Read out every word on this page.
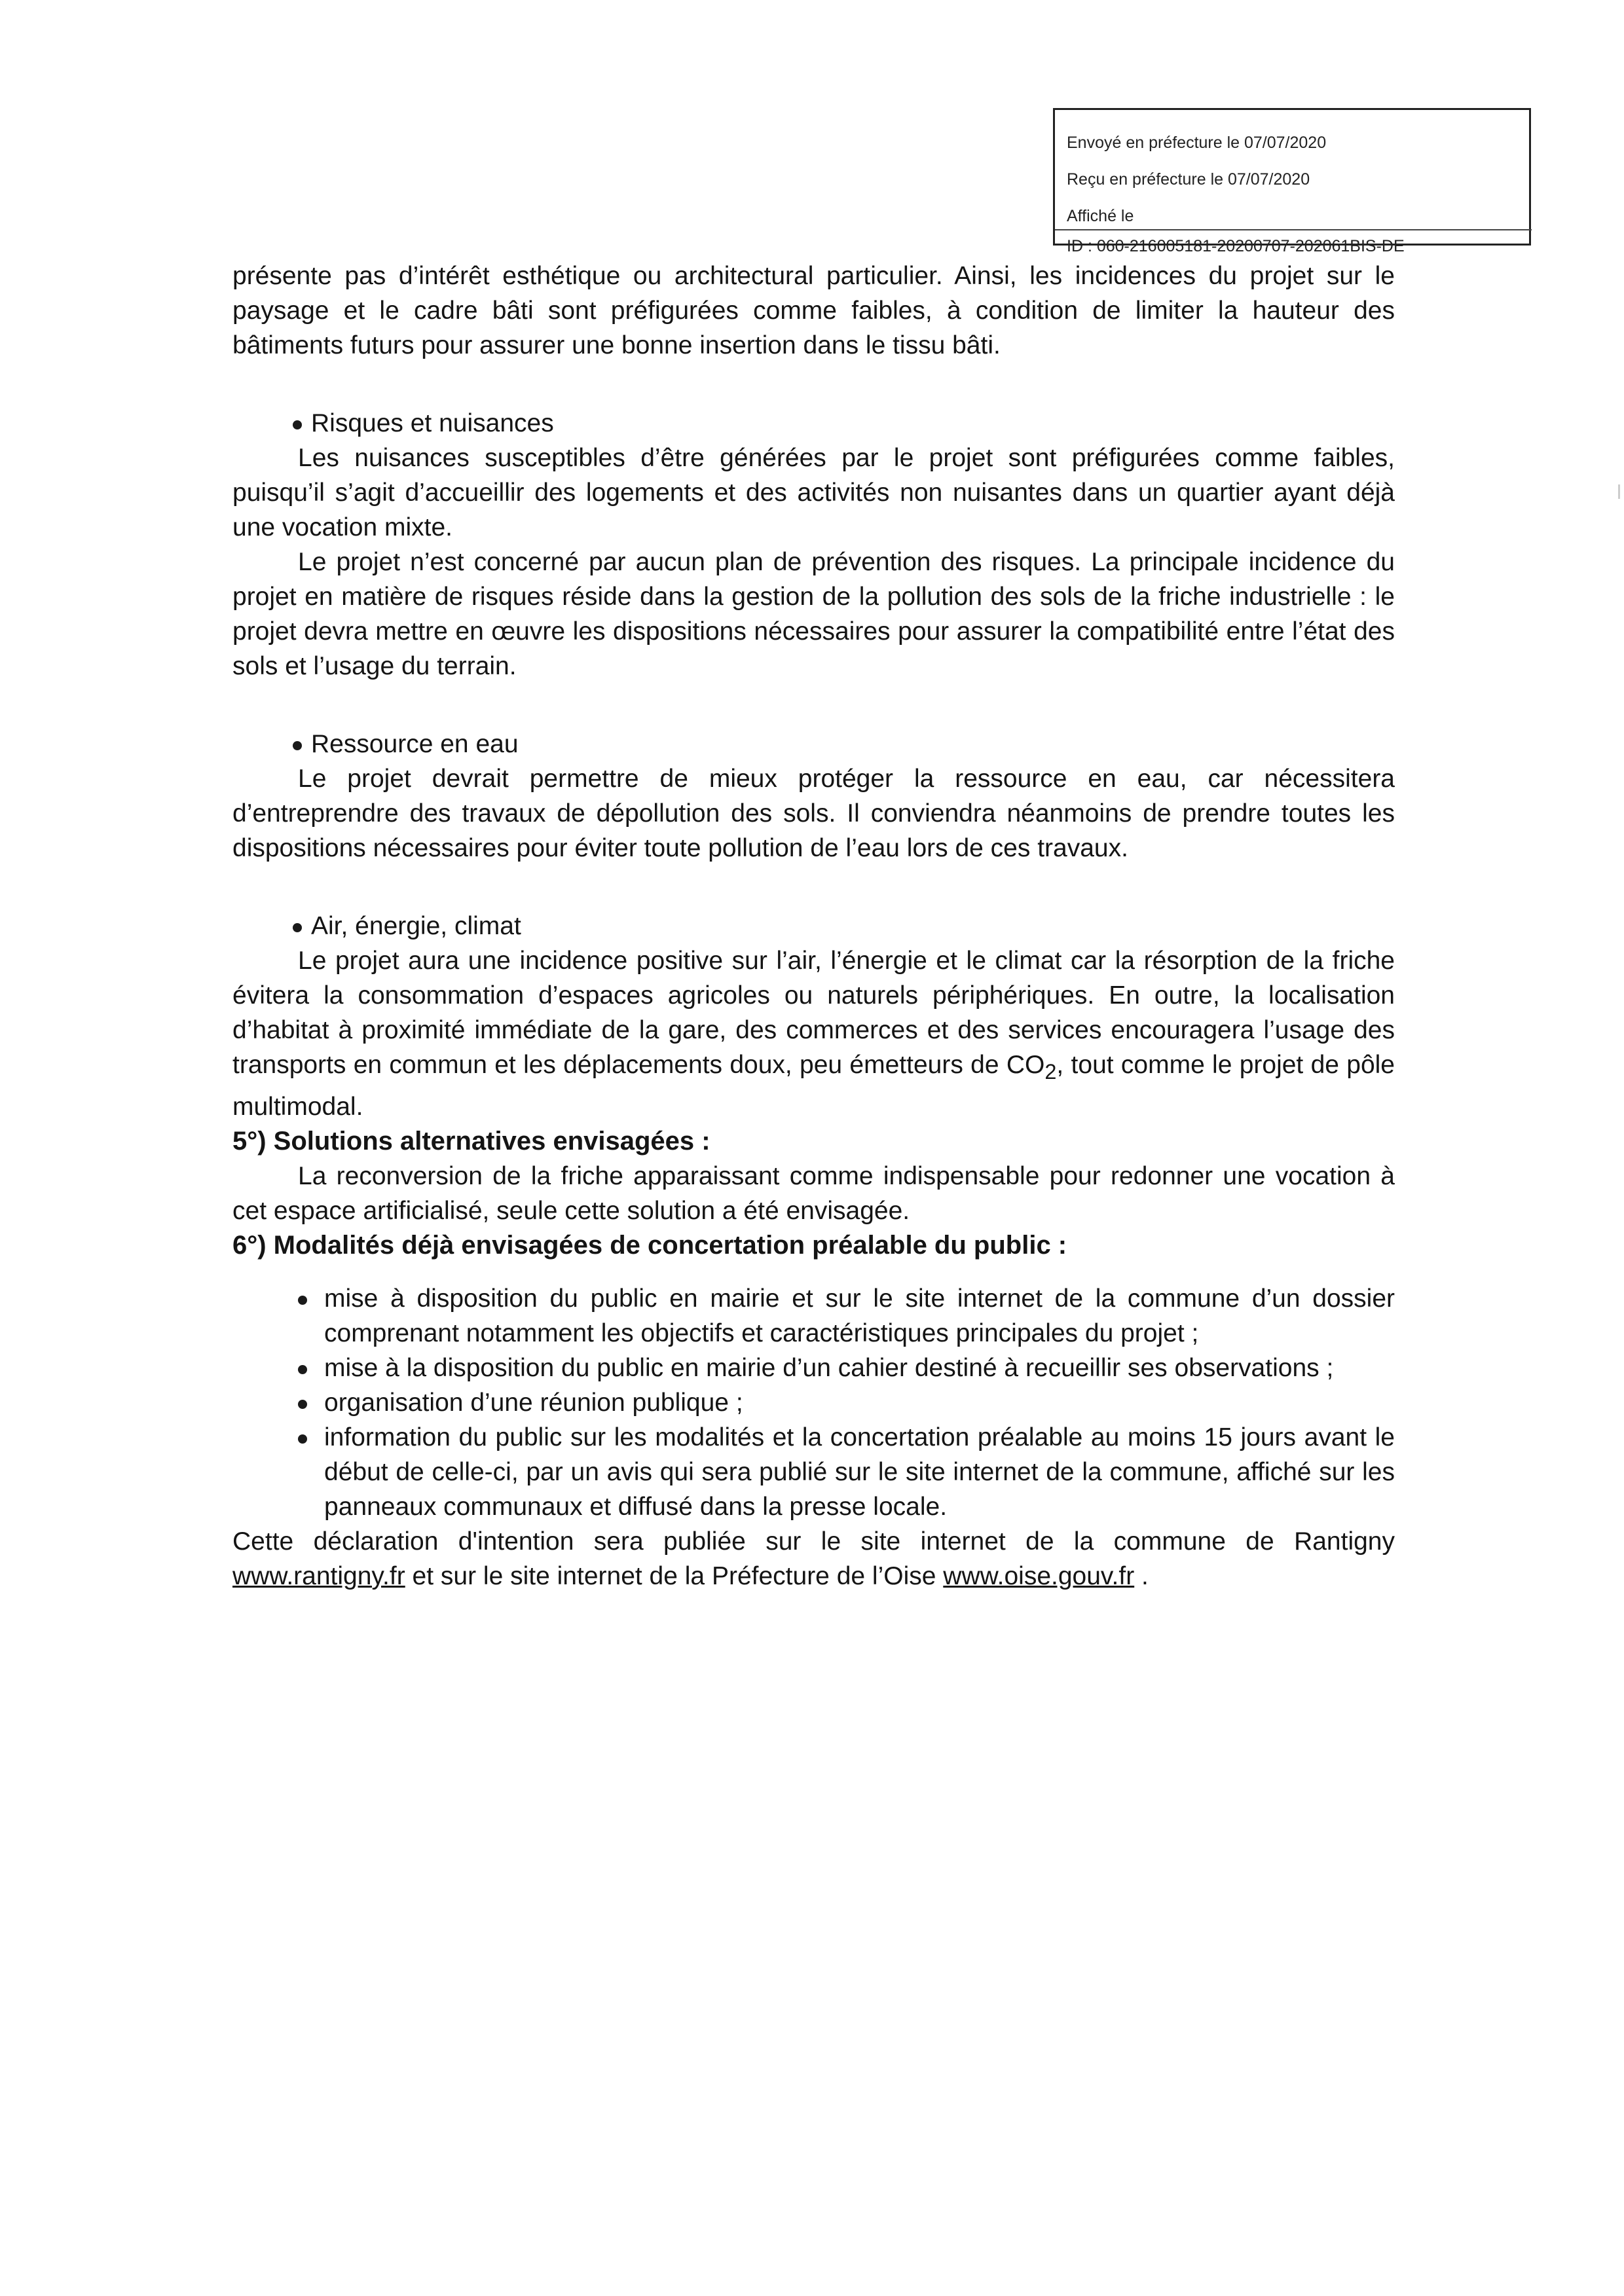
Envoyé en préfecture le 07/07/2020
Reçu en préfecture le 07/07/2020
Affiché le
ID : 060-216005181-20200707-202061BIS-DE

présente pas d’intérêt esthétique ou architectural particulier. Ainsi, les incidences du projet sur le paysage et le cadre bâti sont préfigurées comme faibles, à condition de limiter la hauteur des bâtiments futurs pour assurer une bonne insertion dans le tissu bâti.

Risques et nuisances

Les nuisances susceptibles d’être générées par le projet sont préfigurées comme faibles, puisqu’il s’agit d’accueillir des logements et des activités non nuisantes dans un quartier ayant déjà une vocation mixte.

Le projet n’est concerné par aucun plan de prévention des risques. La principale incidence du projet en matière de risques réside dans la gestion de la pollution des sols de la friche industrielle : le projet devra mettre en œuvre les dispositions nécessaires pour assurer la compatibilité entre l’état des sols et l’usage du terrain.

Ressource en eau

Le projet devrait permettre de mieux protéger la ressource en eau, car nécessitera d’entreprendre des travaux de dépollution des sols. Il conviendra néanmoins de prendre toutes les dispositions nécessaires pour éviter toute pollution de l’eau lors de ces travaux.

Air, énergie, climat

Le projet aura une incidence positive sur l’air, l’énergie et le climat car la résorption de la friche évitera la consommation d’espaces agricoles ou naturels périphériques. En outre, la localisation d’habitat à proximité immédiate de la gare, des commerces et des services encouragera l’usage des transports en commun et les déplacements doux, peu émetteurs de $CO_2$, tout comme le projet de pôle multimodal.

5°) Solutions alternatives envisagées :

La reconversion de la friche apparaissant comme indispensable pour redonner une vocation à cet espace artificialisé, seule cette solution a été envisagée.

6°) Modalités déjà envisagées de concertation préalable du public :

mise à disposition du public en mairie et sur le site internet de la commune d’un dossier comprenant notamment les objectifs et caractéristiques principales du projet ;
mise à la disposition du public en mairie d’un cahier destiné à recueillir ses observations ;
organisation d’une réunion publique ;
information du public sur les modalités et la concertation préalable au moins 15 jours avant le début de celle-ci, par un avis qui sera publié sur le site internet de la commune, affiché sur les panneaux communaux et diffusé dans la presse locale.

Cette déclaration d'intention sera publiée sur le site internet de la commune de Rantigny www.rantigny.fr et sur le site internet de la Préfecture de l’Oise www.oise.gouv.fr .
